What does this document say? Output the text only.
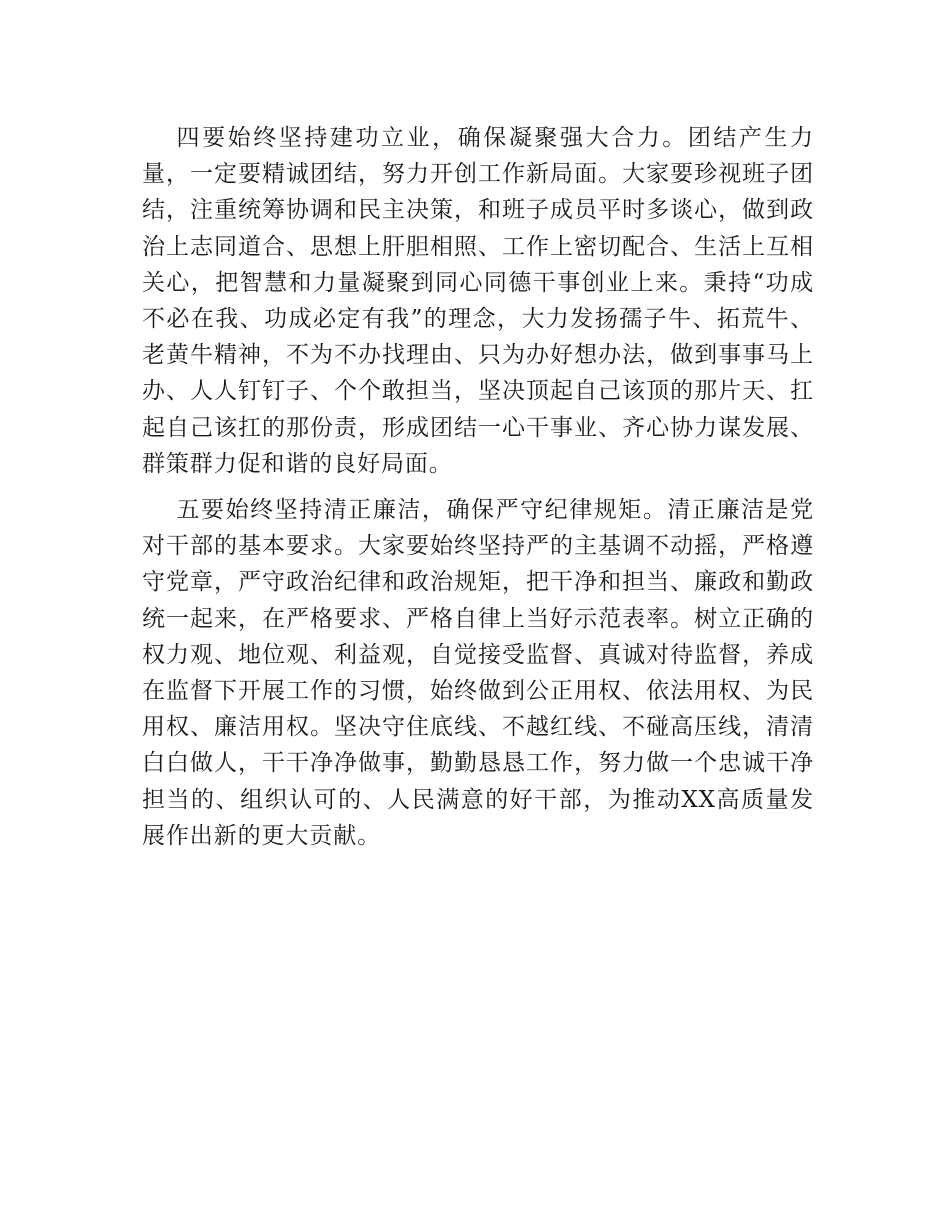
四要始终坚持建功立业，确保凝聚强大合力。团结产生力量，一定要精诚团结，努力开创工作新局面。大家要珍视班子团结，注重统筹协调和民主决策，和班子成员平时多谈心，做到政治上志同道合、思想上肝胆相照、工作上密切配合、生活上互相关心，把智慧和力量凝聚到同心同德干事创业上来。秉持“功成不必在我、功成必定有我”的理念，大力发扬孺子牛、拓荒牛、老黄牛精神，不为不办找理由、只为办好想办法，做到事事马上办、人人钉钉子、个个敢担当，坚决顶起自己该顶的那片天、扛起自己该扛的那份责，形成团结一心干事业、齐心协力谋发展、群策群力促和谐的良好局面。

五要始终坚持清正廉洁，确保严守纪律规矩。清正廉洁是党对干部的基本要求。大家要始终坚持严的主基调不动摇，严格遵守党章，严守政治纪律和政治规矩，把干净和担当、廉政和勤政统一起来，在严格要求、严格自律上当好示范表率。树立正确的权力观、地位观、利益观，自觉接受监督、真诚对待监督，养成在监督下开展工作的习惯，始终做到公正用权、依法用权、为民用权、廉洁用权。坚决守住底线、不越红线、不碰高压线，清清白白做人，干干净净做事，勤勤恳恳工作，努力做一个忠诚干净担当的、组织认可的、人民满意的好干部，为推动XX高质量发展作出新的更大贡献。
